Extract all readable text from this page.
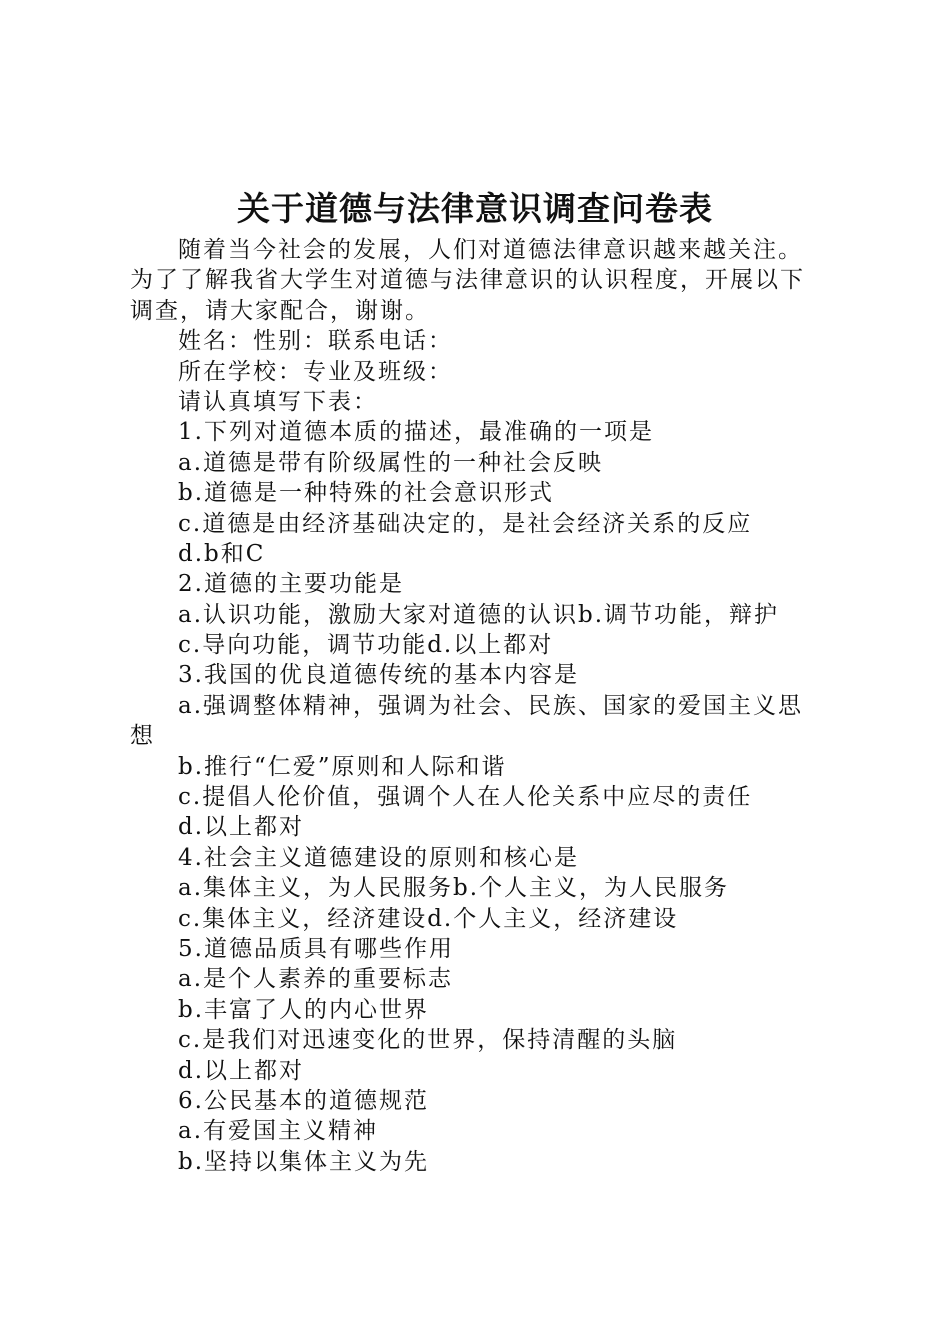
关于道德与法律意识调查问卷表
随着当今社会的发展，人们对道德法律意识越来越关注。
为了了解我省大学生对道德与法律意识的认识程度，开展以下
调查，请大家配合，谢谢。
姓名：性别：联系电话：
所在学校：专业及班级：
请认真填写下表：
1.下列对道德本质的描述，最准确的一项是
a.道德是带有阶级属性的一种社会反映
b.道德是一种特殊的社会意识形式
c.道德是由经济基础决定的，是社会经济关系的反应
d.b和C
2.道德的主要功能是
a.认识功能，激励大家对道德的认识b.调节功能，辩护
c.导向功能，调节功能d.以上都对
3.我国的优良道德传统的基本内容是
a.强调整体精神，强调为社会、民族、国家的爱国主义思
想
b.推行“仁爱”原则和人际和谐
c.提倡人伦价值，强调个人在人伦关系中应尽的责任
d.以上都对
4.社会主义道德建设的原则和核心是
a.集体主义，为人民服务b.个人主义，为人民服务
c.集体主义，经济建设d.个人主义，经济建设
5.道德品质具有哪些作用
a.是个人素养的重要标志
b.丰富了人的内心世界
c.是我们对迅速变化的世界，保持清醒的头脑
d.以上都对
6.公民基本的道德规范
a.有爱国主义精神
b.坚持以集体主义为先
